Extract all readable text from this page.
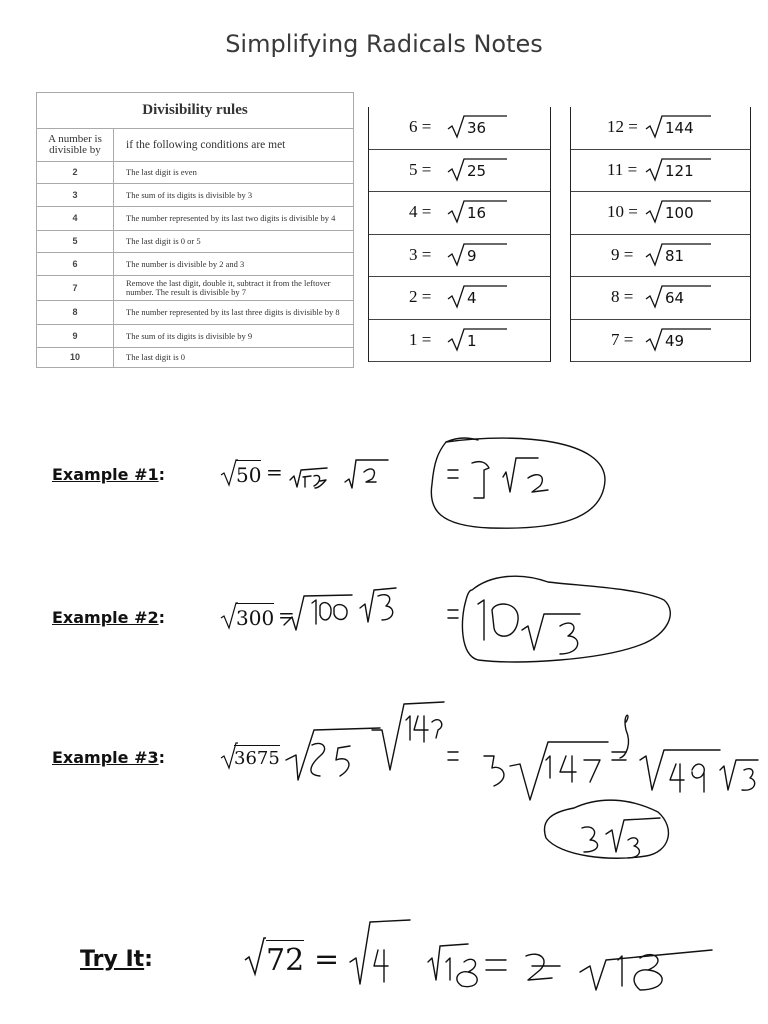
Simplifying Radicals Notes
Divisibility rules	
A number is divisible by	if the following conditions are met
2	The last digit is even
3	The sum of its digits is divisible by 3
4	The number represented by its last two digits is divisible by 4
5	The last digit is 0 or 5
6	The number is divisible by 2 and 3
7	Remove the last digit, double it, subtract it from the leftover number. The result is divisible by 7
8	The number represented by its last three digits is divisible by 8
9	The sum of its digits is divisible by 9
10	The last digit is 0
6 = 36
5 = 25
4 = 16
3 = 9
2 = 4
1 = 1
12 = 144
11 = 121
10 = 100
9 = 81
8 = 64
7 = 49
Example #1:
Example #2:
Example #3:
50 =
300 =
3675
Try It:	72 =
